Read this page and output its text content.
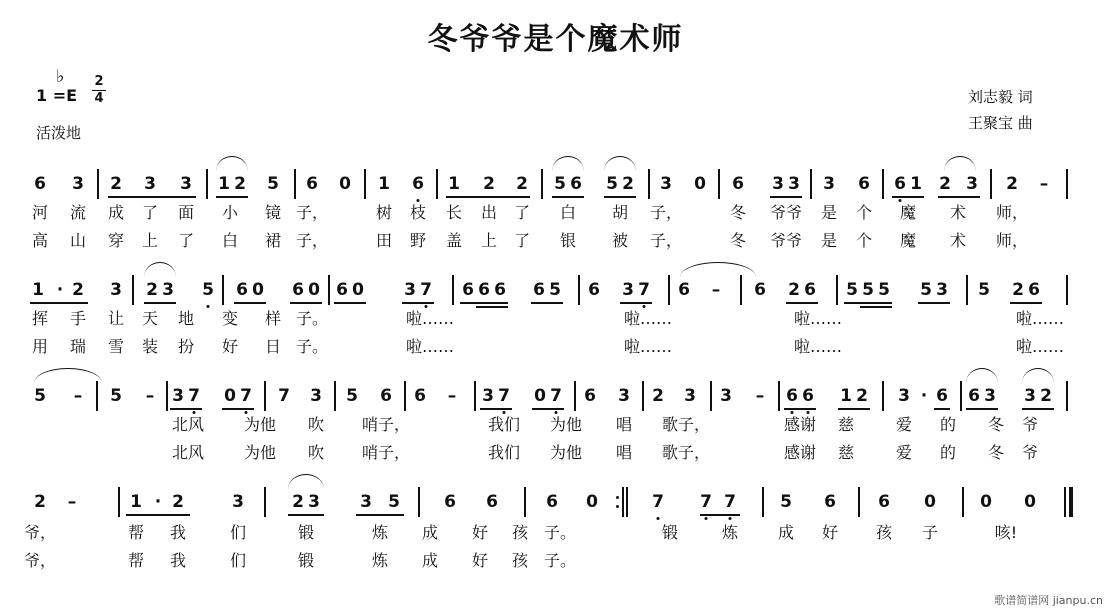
冬爷爷是个魔术师
♭
$1 =E \frac{2}{4}$
活泼地
刘志毅 词
王聚宝 曲
6 3 2 3 3 1 2 5 6 0 1 6 1 2 2 5 6 5 2 3 0 6 3 3 3 6 6 1 2 3 2 –
河 流 成 了 面 小 镜 子，	树 枝 长 出 了 白 胡 子，	冬 爷爷 是 个 魔 术 师，
高 山 穿 上 了 白 裙 子，	田 野 盖 上 了 银 被 子，	冬 爷爷 是 个 魔 术 师，
1 · 2 3 2 3 5 6 0 6 0 6 0 3 7 6 6 6 6 5 6 3 7 6 – 6 2 6 5 5 5 5 3 5 2 6
挥 手 让 天 地 变 样 子。	啦……	啦……	啦……	啦……
用 瑞 雪 装 扮 好 日 子。	啦……	啦……	啦……	啦……
5 – 5 – 3 7 0 7 7 3 5 6 6 – 3 7 0 7 6 3 2 3 3 – 6 6 1 2 3 · 6 6 3 3 2
北风 为他 吹 哨子，	我们 为他 唱 歌子，	感谢 慈	爱 的 冬 爷
北风 为他 吹 哨子，	我们 为他 唱 歌子，	感谢 慈	爱 的 冬 爷
2 –	1 · 2	3	2 3 3 5	6 6	6 0	7 7 7	5 6 6 0	0 0
爷，	帮 我	们	锻	炼 成 好 孩 子。	锻	炼 成 好 孩 子	咳!
爷，	帮 我	们	锻	炼 成 好 孩 子。
歌谱简谱网 jianpu.cn
